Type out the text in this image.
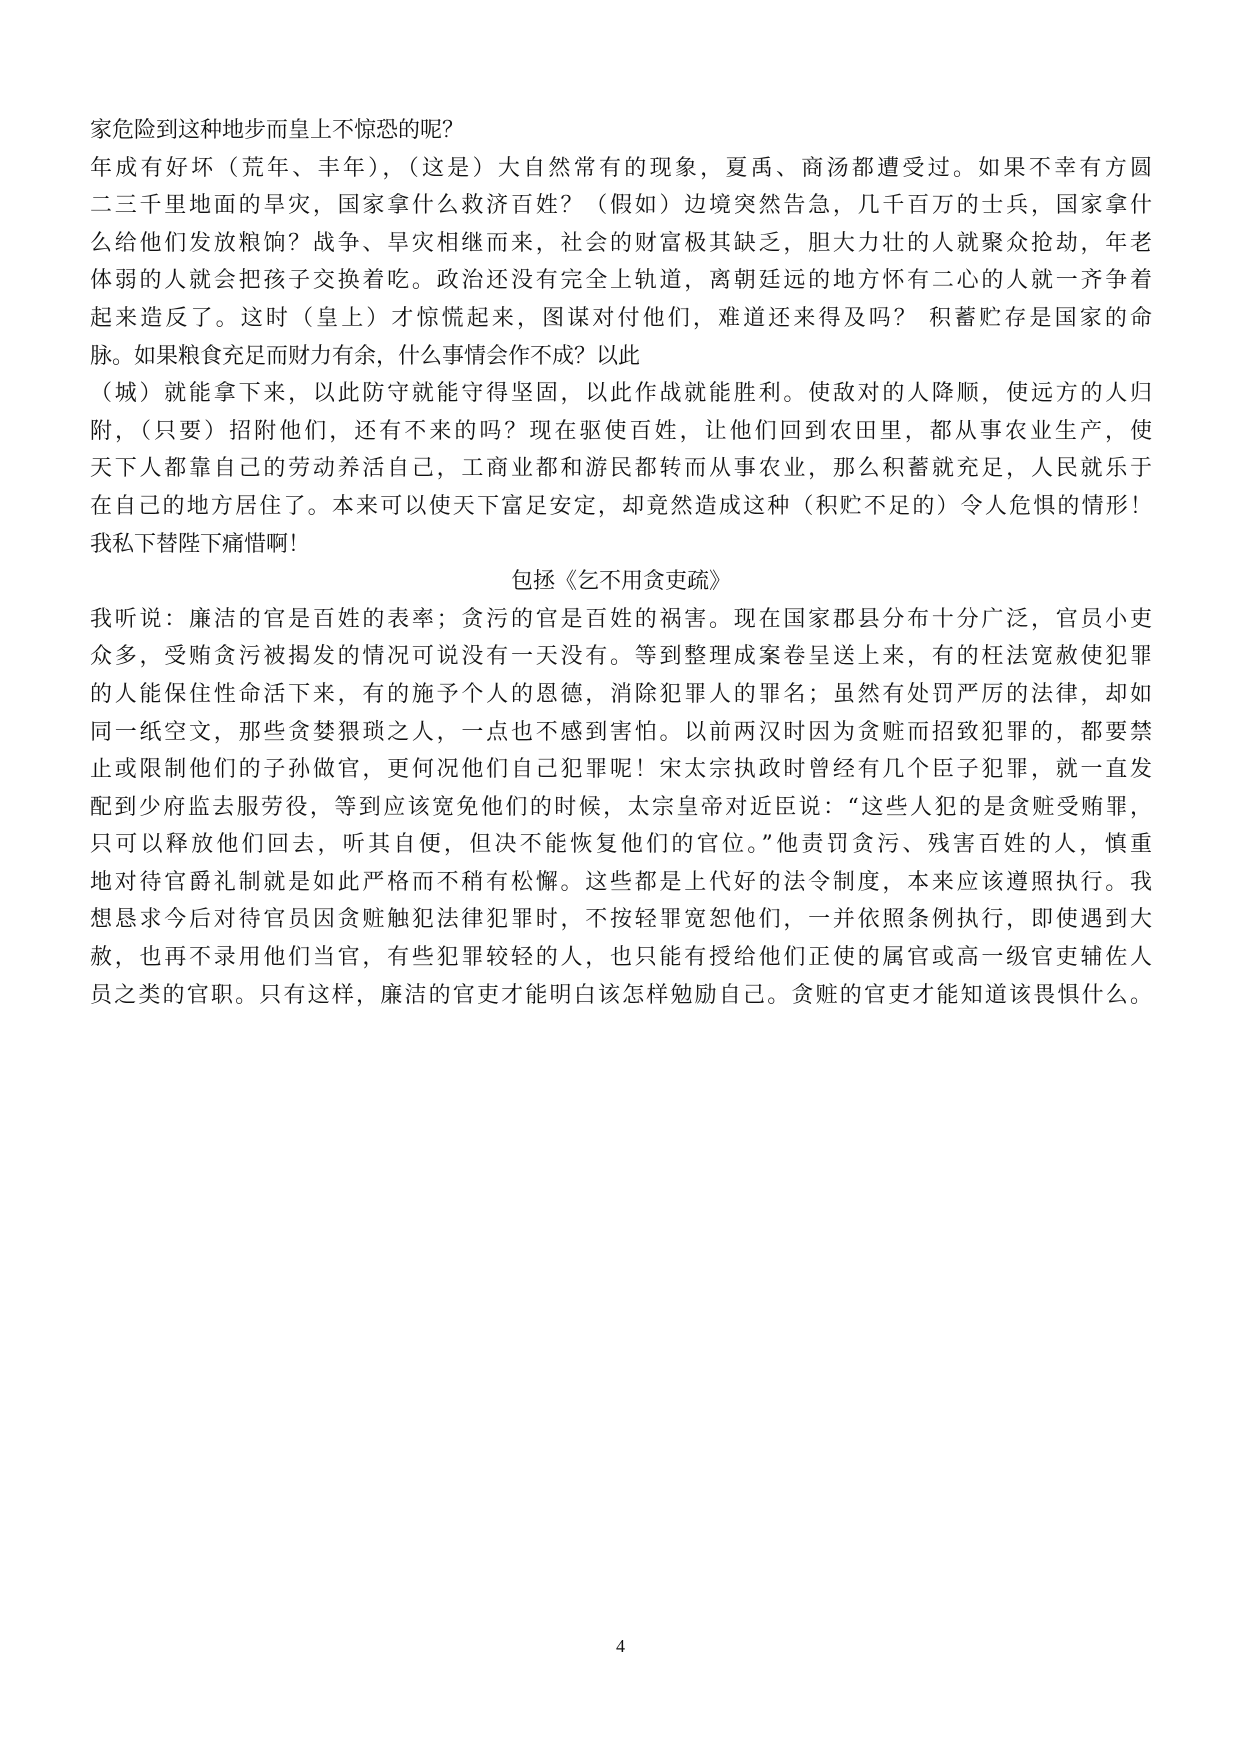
家危险到这种地步而皇上不惊恐的呢？
年成有好坏（荒年、丰年），（这是）大自然常有的现象，夏禹、商汤都遭受过。如果不幸有方圆
二三千里地面的旱灾，国家拿什么救济百姓？（假如）边境突然告急，几千百万的士兵，国家拿什
么给他们发放粮饷？战争、旱灾相继而来，社会的财富极其缺乏，胆大力壮的人就聚众抢劫，年老
体弱的人就会把孩子交换着吃。政治还没有完全上轨道，离朝廷远的地方怀有二心的人就一齐争着
起来造反了。这时（皇上）才惊慌起来，图谋对付他们，难道还来得及吗？ 积蓄贮存是国家的命
脉。如果粮食充足而财力有余，什么事情会作不成？以此
（城）就能拿下来，以此防守就能守得坚固，以此作战就能胜利。使敌对的人降顺，使远方的人归
附，（只要）招附他们，还有不来的吗？现在驱使百姓，让他们回到农田里，都从事农业生产，使
天下人都靠自己的劳动养活自己，工商业都和游民都转而从事农业，那么积蓄就充足，人民就乐于
在自己的地方居住了。本来可以使天下富足安定，却竟然造成这种（积贮不足的）令人危惧的情形！
我私下替陛下痛惜啊！
包拯《乞不用贪吏疏》
我听说：廉洁的官是百姓的表率；贪污的官是百姓的祸害。现在国家郡县分布十分广泛，官员小吏
众多，受贿贪污被揭发的情况可说没有一天没有。等到整理成案卷呈送上来，有的枉法宽赦使犯罪
的人能保住性命活下来，有的施予个人的恩德，消除犯罪人的罪名；虽然有处罚严厉的法律，却如
同一纸空文，那些贪婪猥琐之人，一点也不感到害怕。以前两汉时因为贪赃而招致犯罪的，都要禁
止或限制他们的子孙做官，更何况他们自己犯罪呢！宋太宗执政时曾经有几个臣子犯罪，就一直发
配到少府监去服劳役，等到应该宽免他们的时候，太宗皇帝对近臣说：“这些人犯的是贪赃受贿罪，
只可以释放他们回去，听其自便，但决不能恢复他们的官位。”他责罚贪污、残害百姓的人，慎重
地对待官爵礼制就是如此严格而不稍有松懈。这些都是上代好的法令制度，本来应该遵照执行。我
想恳求今后对待官员因贪赃触犯法律犯罪时，不按轻罪宽恕他们，一并依照条例执行，即使遇到大
赦，也再不录用他们当官，有些犯罪较轻的人，也只能有授给他们正使的属官或高一级官吏辅佐人
员之类的官职。只有这样，廉洁的官吏才能明白该怎样勉励自己。贪赃的官吏才能知道该畏惧什么。
4
